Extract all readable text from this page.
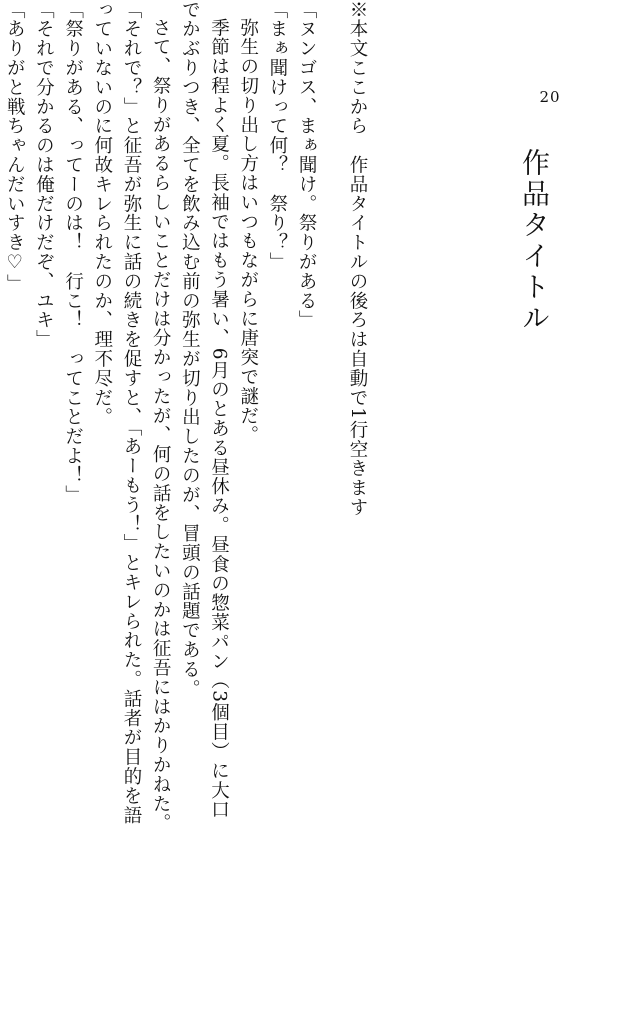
20
作品タイトル
※本文ここから　作品タイトルの後ろは自動で1行空きます
「ヌンゴス、まぁ聞け。祭りがある」
「まぁ聞けって何？　祭り？」
弥生の切り出し方はいつもながらに唐突で謎だ。
季節は程よく夏。長袖ではもう暑い、6月のとある昼休み。昼食の惣菜パン（3個目）に大口
でかぶりつき、全てを飲み込む前の弥生が切り出したのが、冒頭の話題である。
さて、祭りがあるらしいことだけは分かったが、何の話をしたいのかは征吾にはかりかねた。
「それで？」と征吾が弥生に話の続きを促すと、「あーもう！」とキレられた。話者が目的を語
っていないのに何故キレられたのか、理不尽だ。
「祭りがある、ってーのは！　行こ！　ってことだよ！」
「それで分かるのは俺だけだぞ、ユキ」
「ありがと戦ちゃんだいすき♡」
